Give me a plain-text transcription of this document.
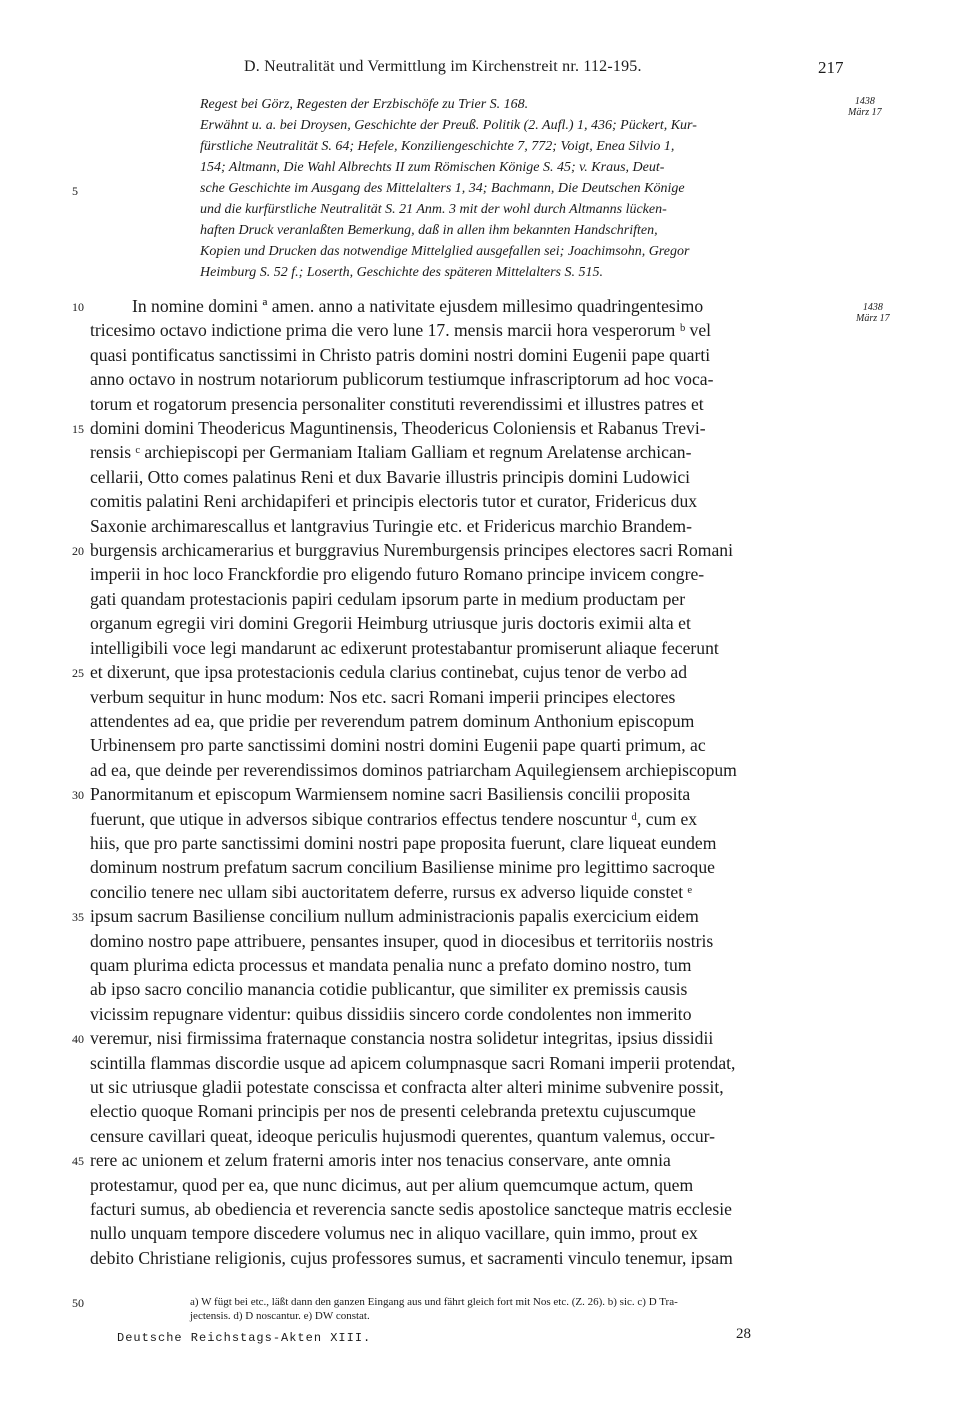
D. Neutralität und Vermittlung im Kirchenstreit nr. 112-195.	217
1438
März 17
Regest bei Görz, Regesten der Erzbischöfe zu Trier S. 168.
Erwähnt u. a. bei Droysen, Geschichte der Preuß. Politik (2. Aufl.) 1, 436; Pückert, Kur-
fürstliche Neutralität S. 64; Hefele, Konziliengeschichte 7, 772; Voigt, Enea Silvio 1,
154; Altmann, Die Wahl Albrechts II zum Römischen Könige S. 45; v. Kraus, Deut-
sche Geschichte im Ausgang des Mittelalters 1, 34; Bachmann, Die Deutschen Könige
und die kurfürstliche Neutralität S. 21 Anm. 3 mit der wohl durch Altmanns lücken-
haften Druck veranlaßten Bemerkung, daß in allen ihm bekannten Handschriften,
Kopien und Drucken das notwendige Mittelglied ausgefallen sei; Joachimsohn, Gregor
Heimburg S. 52 f.; Loserth, Geschichte des späteren Mittelalters S. 515.
5
1438
März 17
10
15
20
25
30
35
40
45
50
In nomine domini ª amen. anno a nativitate ejusdem millesimo quadringentesimo
tricesimo octavo indictione prima die vero lune 17. mensis marcii hora vesperorum ᵇ vel
quasi pontificatus sanctissimi in Christo patris domini nostri domini Eugenii pape quarti
anno octavo in nostrum notariorum publicorum testiumque infrascriptorum ad hoc voca-
torum et rogatorum presencia personaliter constituti reverendissimi et illustres patres et
domini domini Theodericus Maguntinensis, Theodericus Coloniensis et Rabanus Trevi-
rensis ᶜ archiepiscopi per Germaniam Italiam Galliam et regnum Arelatense archican-
cellarii, Otto comes palatinus Reni et dux Bavarie illustris principis domini Ludowici
comitis palatini Reni archidapiferi et principis electoris tutor et curator, Fridericus dux
Saxonie archimarescallus et lantgravius Turingie etc. et Fridericus marchio Brandem-
burgensis archicamerarius et burggravius Nuremburgensis principes electores sacri Romani
imperii in hoc loco Franckfordie pro eligendo futuro Romano principe invicem congre-
gati quandam protestacionis papiri cedulam ipsorum parte in medium productam per
organum egregii viri domini Gregorii Heimburg utriusque juris doctoris eximii alta et
intelligibili voce legi mandarunt ac edixerunt protestabantur promiserunt aliaque fecerunt
et dixerunt, que ipsa protestacionis cedula clarius continebat, cujus tenor de verbo ad
verbum sequitur in hunc modum: Nos etc. sacri Romani imperii principes electores
attendentes ad ea, que pridie per reverendum patrem dominum Anthonium episcopum
Urbinensem pro parte sanctissimi domini nostri domini Eugenii pape quarti primum, ac
ad ea, que deinde per reverendissimos dominos patriarcham Aquilegiensem archiepiscopum
Panormitanum et episcopum Warmiensem nomine sacri Basiliensis concilii proposita
fuerunt, que utique in adversos sibique contrarios effectus tendere noscuntur ᵈ, cum ex
hiis, que pro parte sanctissimi domini nostri pape proposita fuerunt, clare liqueat eundem
dominum nostrum prefatum sacrum concilium Basiliense minime pro legittimo sacroque
concilio tenere nec ullam sibi auctoritatem deferre, rursus ex adverso liquide constet ᵉ
ipsum sacrum Basiliense concilium nullum administracionis papalis exercicium eidem
domino nostro pape attribuere, pensantes insuper, quod in diocesibus et territoriis nostris
quam plurima edicta processus et mandata penalia nunc a prefato domino nostro, tum
ab ipso sacro concilio manancia cotidie publicantur, que similiter ex premissis causis
vicissim repugnare videntur: quibus dissidiis sincero corde condolentes non immerito
veremur, nisi firmissima fraternaque constancia nostra solidetur integritas, ipsius dissidii
scintilla flammas discordie usque ad apicem columpnasque sacri Romani imperii protendat,
ut sic utriusque gladii potestate conscissa et confracta alter alteri minime subvenire possit,
electio quoque Romani principis per nos de presenti celebranda pretextu cujuscumque
censure cavillari queat, ideoque periculis hujusmodi querentes, quantum valemus, occur-
rere ac unionem et zelum fraterni amoris inter nos tenacius conservare, ante omnia
protestamur, quod per ea, que nunc dicimus, aut per alium quemcumque actum, quem
facturi sumus, ab obediencia et reverencia sancte sedis apostolice sancteque matris ecclesie
nullo unquam tempore discedere volumus nec in aliquo vacillare, quin immo, prout ex
debito Christiane religionis, cujus professores sumus, et sacramenti vinculo tenemur, ipsam
a) W fügt bei etc., läßt dann den ganzen Eingang aus und fährt gleich fort mit Nos etc. (Z. 26). b) sic. c) D Tra-
jectensis. d) D noscantur. e) DW constat.
Deutsche Reichstags-Akten XIII.	28
